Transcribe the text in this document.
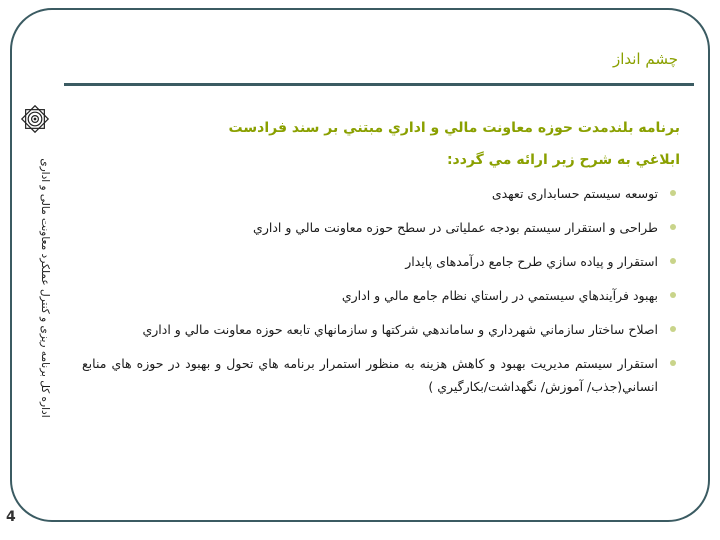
چشم انداز
اداره کل برنامه ریزی و کنترل عملکرد معاونت مالی و اداری
برنامه بلندمدت حوزه معاونت مالي و اداري مبتني بر سند فرادست
ابلاغي به شرح زير ارائه مي گردد:
توسعه سیستم حسابداری تعهدی
طراحی و استقرار سیستم بودجه عملیاتی در سطح حوزه معاونت مالي و اداري
استقرار و پياده سازي طرح جامع درآمدهای پايدار
بهبود فرآيندهاي سيستمي در راستاي نظام جامع مالي و اداري
اصلاح ساختار سازماني شهرداري و ساماندهي شركتها و سازمانهاي تابعه حوزه معاونت مالي و اداري
استقرار سیستم مديريت بهبود و كاهش هزينه به منظور استمرار برنامه هاي تحول و بهبود در حوزه هاي منابع انساني(جذب/ آموزش/ نگهداشت/بكارگيري )
4
